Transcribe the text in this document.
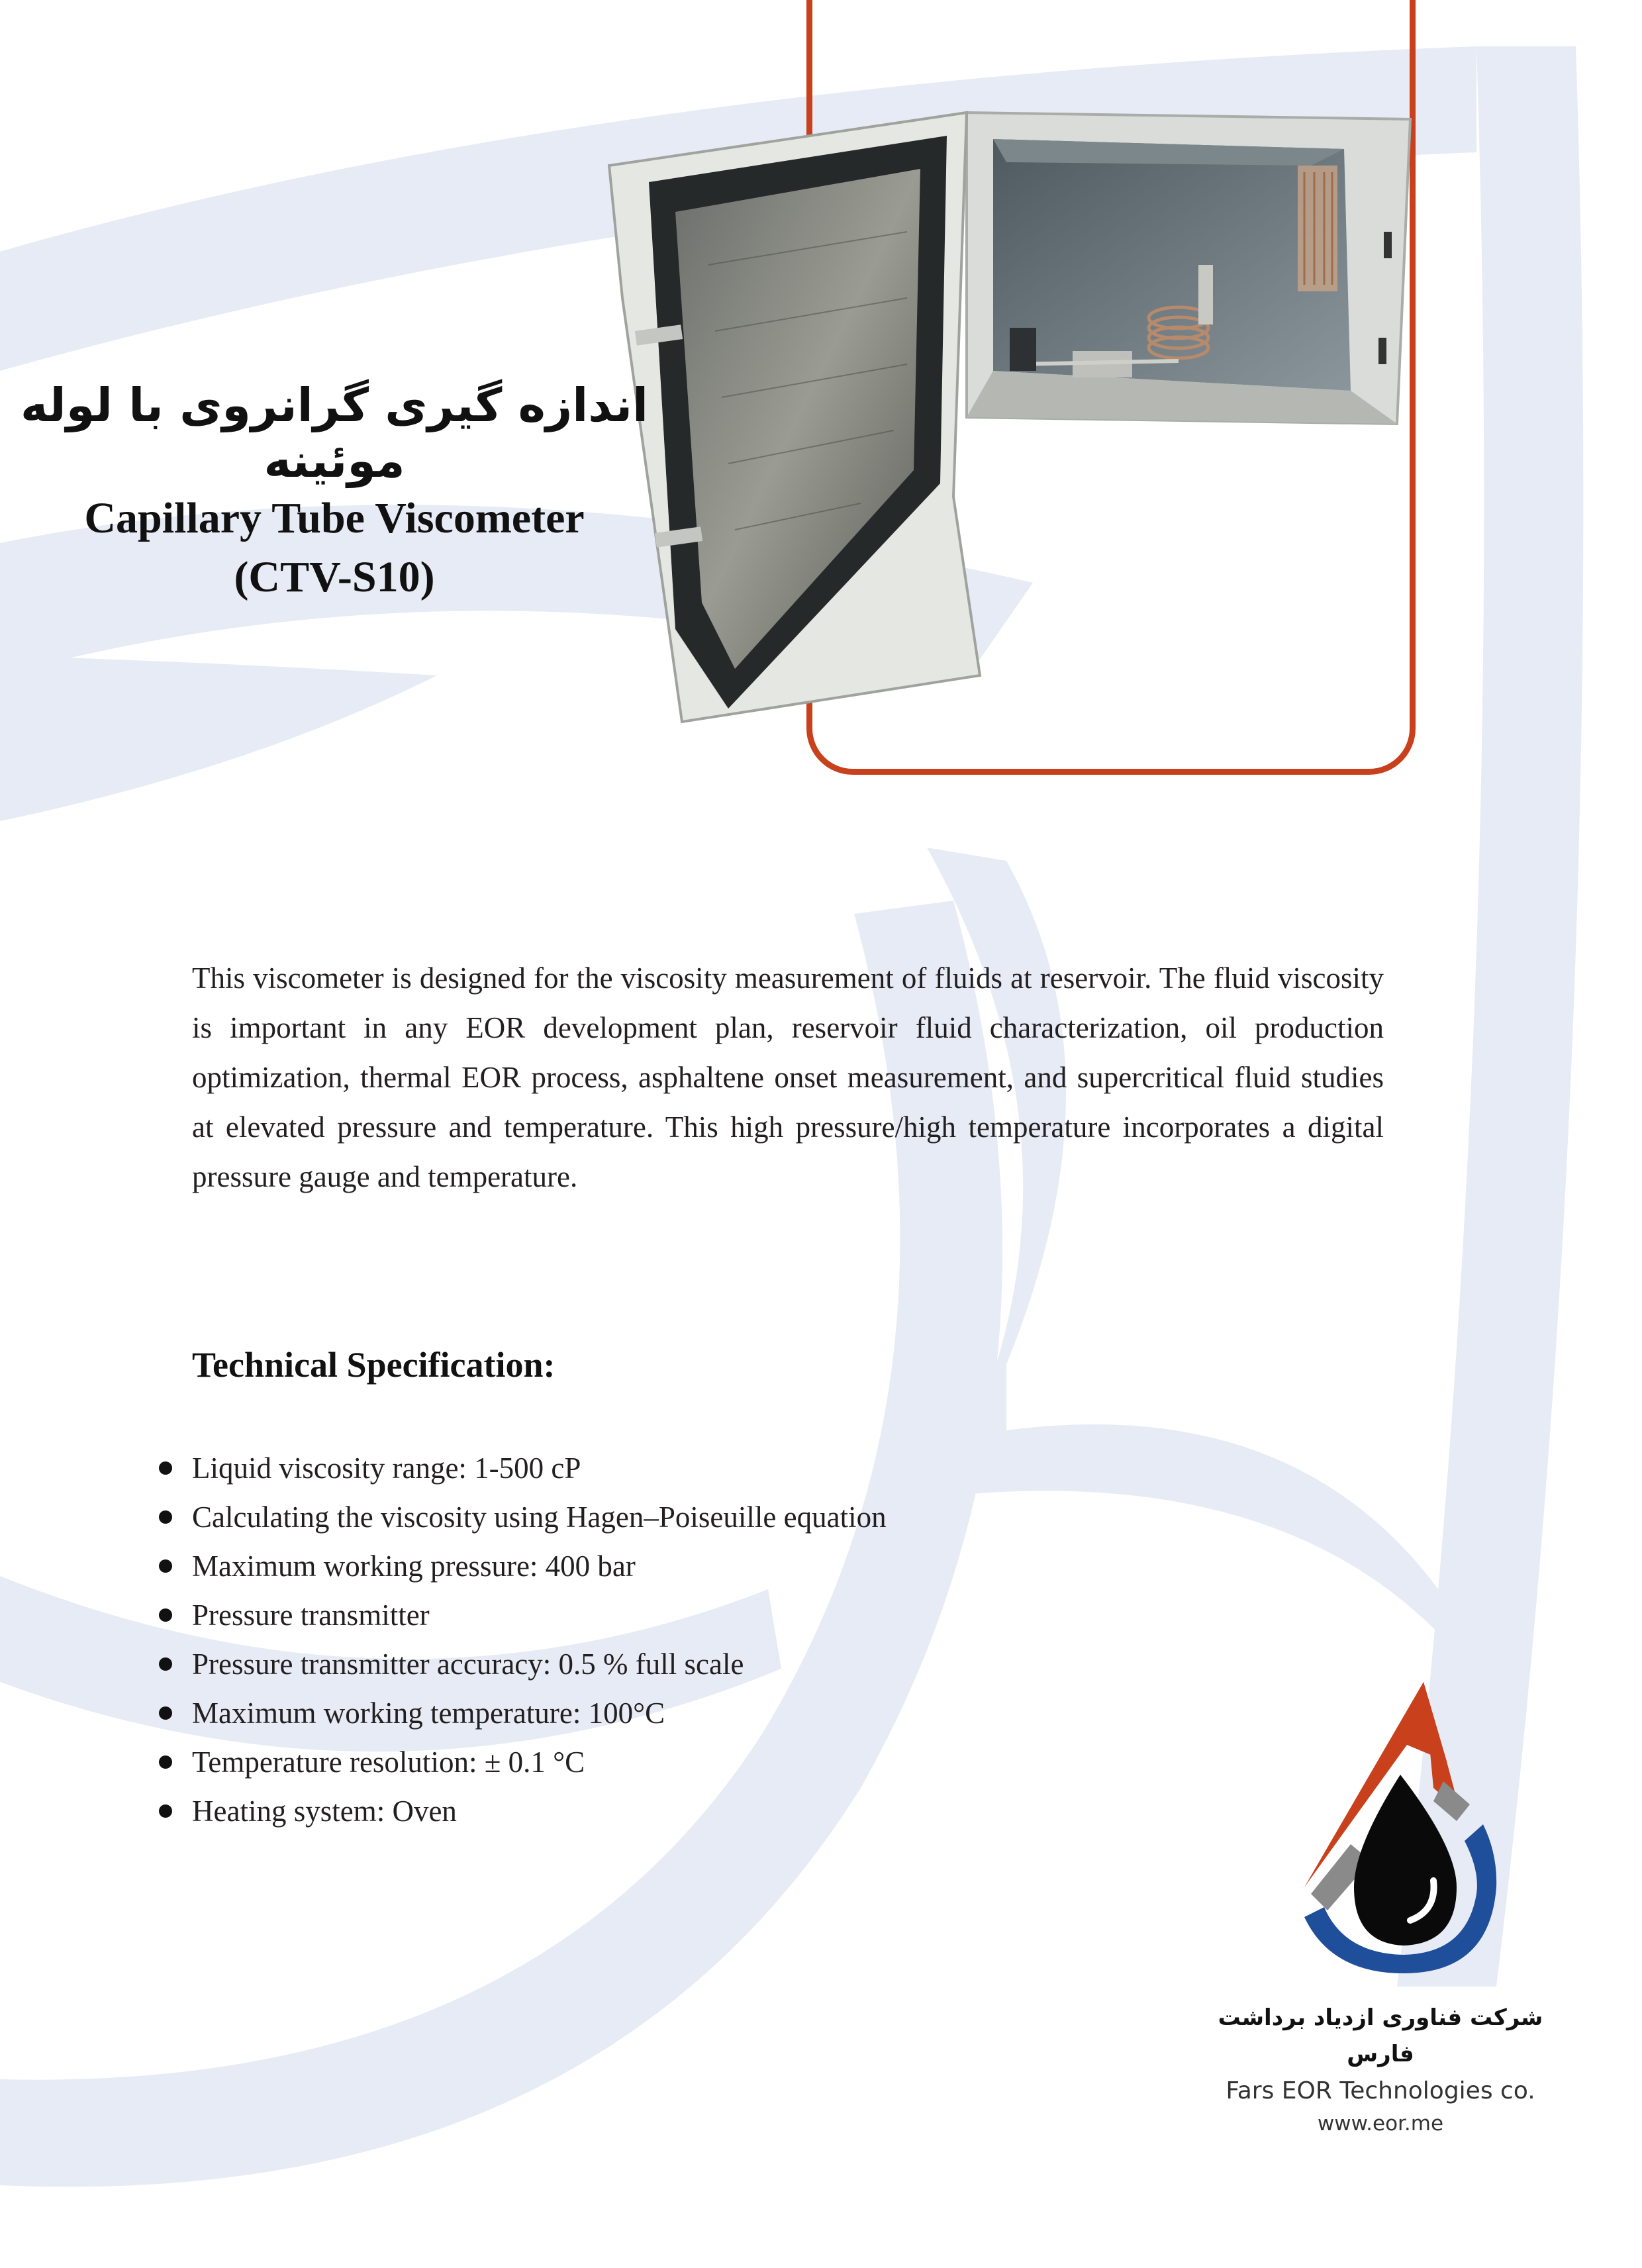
اندازه گیری گرانروی با لوله موئینه
Capillary Tube Viscometer
(CTV-S10)
This viscometer is designed for the viscosity measurement of fluids at reservoir. The fluid viscosity is important in any EOR development plan, reservoir fluid characterization, oil production optimization, thermal EOR process, asphaltene onset measurement, and supercritical fluid studies at elevated pressure and temperature. This high pressure/high temperature incorporates a digital pressure gauge and temperature.
Technical Specification:
Liquid viscosity range: 1-500 cP
Calculating the viscosity using Hagen–Poiseuille equation
Maximum working pressure: 400 bar
Pressure transmitter
Pressure transmitter accuracy: 0.5 % full scale
Maximum working temperature: 100°C
Temperature resolution: ± 0.1 °C
Heating system: Oven
شرکت فناوری ازدیاد برداشت فارس
Fars EOR Technologies co.
www.eor.me
